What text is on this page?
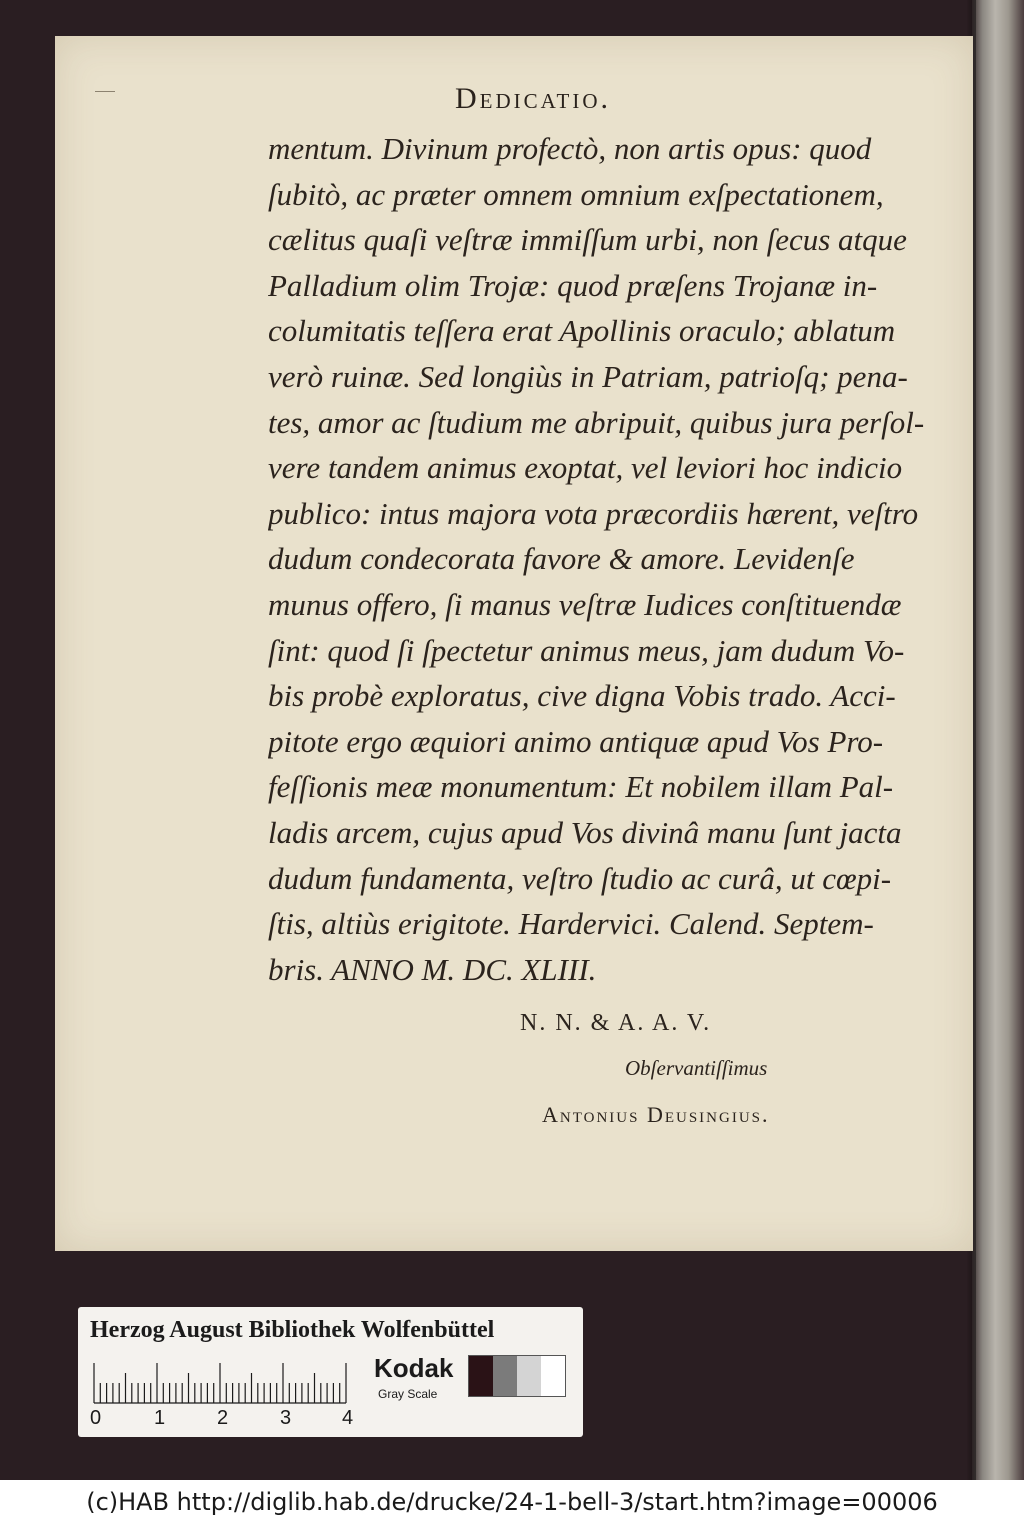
Dedicatio.
mentum. Divinum profectò, non artis opus: quod
ſubitò, ac præter omnem omnium exſpectationem,
cælitus quaſi veſtræ immiſſum urbi, non ſecus atque
Palladium olim Trojæ: quod præſens Trojanæ in-
columitatis teſſera erat Apollinis oraculo; ablatum
verò ruinæ. Sed longiùs in Patriam, patrioſq; pena-
tes, amor ac ſtudium me abripuit, quibus jura perſol-
vere tandem animus exoptat, vel leviori hoc indicio
publico: intus majora vota præcordiis hærent, veſtro
dudum condecorata favore & amore. Levidenſe
munus offero, ſi manus veſtræ Iudices conſtituendæ
ſint: quod ſi ſpectetur animus meus, jam dudum Vo-
bis probè exploratus, cive digna Vobis trado. Acci-
pitote ergo æquiori animo antiquæ apud Vos Pro-
feſſionis meæ monumentum: Et nobilem illam Pal-
ladis arcem, cujus apud Vos divinâ manu ſunt jacta
dudum fundamenta, veſtro ſtudio ac curâ, ut cœpi-
ſtis, altiùs erigitote. Hardervici. Calend. Septem-
bris. ANNO M. DC. XLIII.
N. N. & A. A. V.
Obſervantiſſimus
Antonius Deusingius.
Herzog August Bibliothek Wolfenbüttel
0	1	2	3	4
Kodak
Gray Scale
(c)HAB http://diglib.hab.de/drucke/24-1-bell-3/start.htm?image=00006
